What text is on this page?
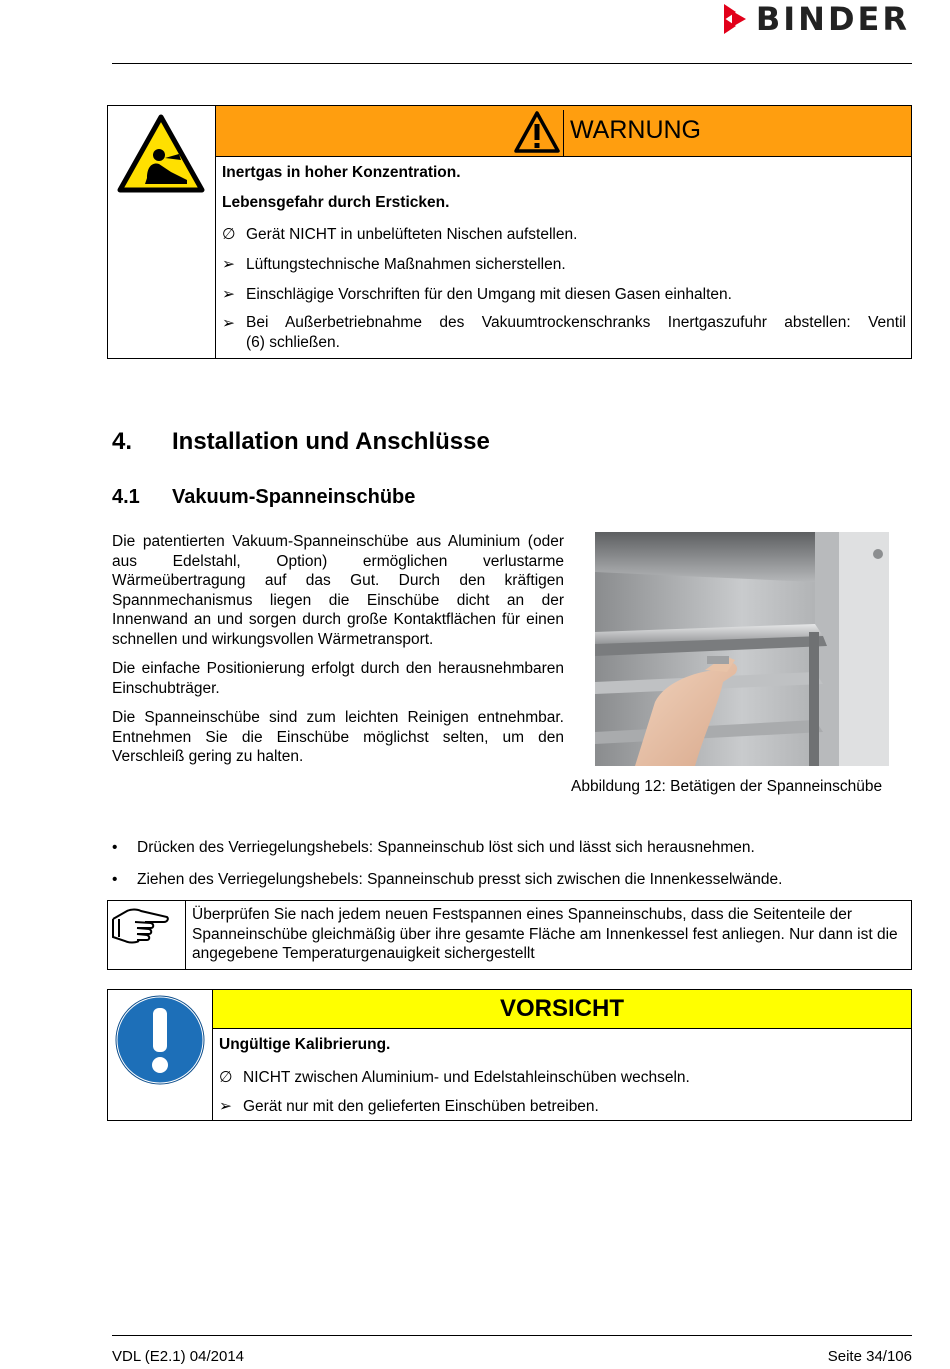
BINDER
WARNUNG
Inertgas in hoher Konzentration.
Lebensgefahr durch Ersticken.
∅ Gerät NICHT in unbelüfteten Nischen aufstellen.
➢ Lüftungstechnische Maßnahmen sicherstellen.
➢ Einschlägige Vorschriften für den Umgang mit diesen Gasen einhalten.
➢ Bei Außerbetriebnahme des Vakuumtrockenschranks Inertgaszufuhr abstellen: Ventil
(6) schließen.
4. Installation und Anschlüsse
4.1 Vakuum-Spanneinschübe
Die patentierten Vakuum-Spanneinschübe aus Aluminium (oder aus Edelstahl, Option) ermöglichen verlustarme Wärmeübertragung auf das Gut. Durch den kräftigen Spannmechanismus liegen die Einschübe dicht an der Innenwand an und sorgen durch große Kontaktflächen für einen schnellen und wirkungsvollen Wärmetransport.
Die einfache Positionierung erfolgt durch den herausnehmbaren Einschubträger.
Die Spanneinschübe sind zum leichten Reinigen entnehmbar. Entnehmen Sie die Einschübe möglichst selten, um den Verschleiß gering zu halten.
Abbildung 12: Betätigen der Spanneinschübe
• Drücken des Verriegelungshebels: Spanneinschub löst sich und lässt sich herausnehmen.
• Ziehen des Verriegelungshebels: Spanneinschub presst sich zwischen die Innenkesselwände.
Überprüfen Sie nach jedem neuen Festspannen eines Spanneinschubs, dass die Seitenteile der Spanneinschübe gleichmäßig über ihre gesamte Fläche am Innenkessel fest anliegen. Nur dann ist die angegebene Temperaturgenauigkeit sichergestellt
VORSICHT
Ungültige Kalibrierung.
∅ NICHT zwischen Aluminium- und Edelstahleinschüben wechseln.
➢ Gerät nur mit den gelieferten Einschüben betreiben.
VDL (E2.1) 04/2014	Seite 34/106
